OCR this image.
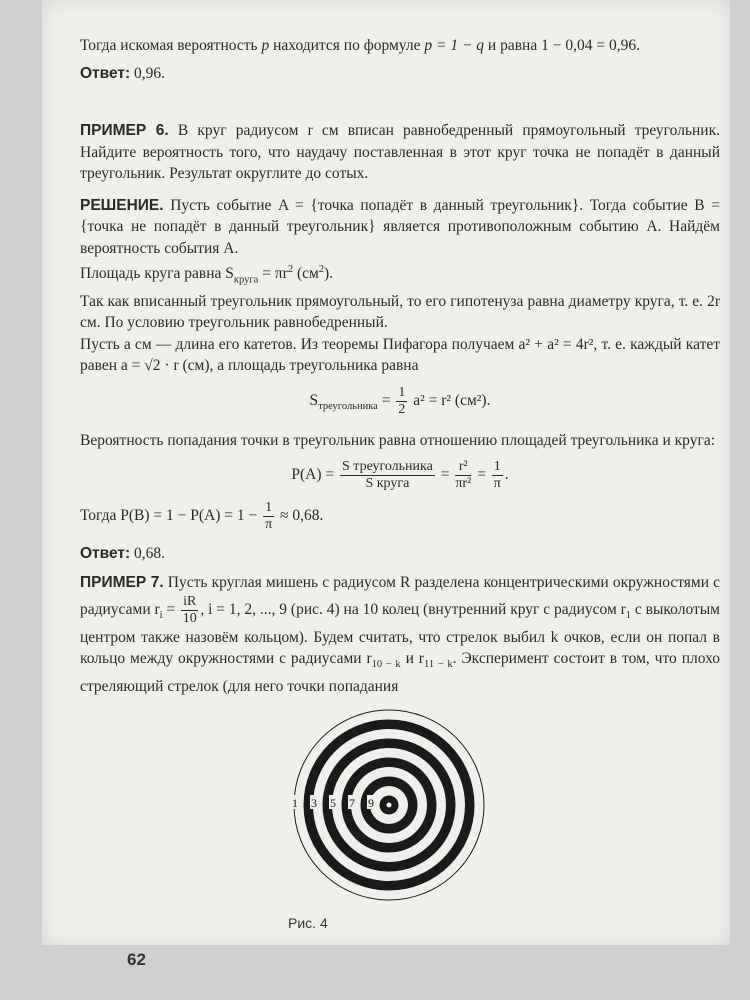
Тогда искомая вероятность p находится по формуле p = 1 − q и равна 1 − 0,04 = 0,96.

Ответ: 0,96.

ПРИМЕР 6. В круг радиусом r см вписан равнобедренный прямоугольный треугольник. Найдите вероятность того, что наудачу поставленная в этот круг точка не попадёт в данный треугольник. Результат округлите до сотых.

РЕШЕНИЕ. Пусть событие A = {точка попадёт в данный треугольник}. Тогда событие B = {точка не попадёт в данный треугольник} является противоположным событию A. Найдём вероятность события A.

Площадь круга равна $S_{круга} = \pi r^2$ $(см^2)$.

Так как вписанный треугольник прямоугольный, то его гипотенуза равна диаметру круга, т. е. 2r см. По условию треугольник равнобедренный.

Пусть a см — длина его катетов. Из теоремы Пифагора получаем a² + a² = 4r², т. е. каждый катет равен a = √2 · r (см), а площадь треугольника равна

$S_{треугольника} = \frac{1}{2} a^2 = r^2$ (см²).

Вероятность попадания точки в треугольник равна отношению площадей треугольника и круга:

$P(A) = \frac{\text{S треугольника}}{\text{S круга}} = \frac{\text{r²}}{\text{πr²}} = \frac{1}{\pi}$ .

Тогда $P(B) = 1 - P(A) = 1 - \frac{1}{\pi} \approx 0,68$.

Ответ: 0,68.

ПРИМЕР 7. Пусть круглая мишень с радиусом R разделена концентрическими окружностями с радиусами $r_i = \frac{iR}{10}$ , i = 1, 2, ..., 9 (рис. 4) на 10 колец (внутренний круг с радиусом $r_1$ с выколотым центром также назовём кольцом). Будем считать, что стрелок выбил k очков, если он попал в кольцо между окружностями с радиусами $r_{10 - k}$ и $r_{11 - k}$. Эксперимент состоит в том, что плохо стреляющий стрелок (для него точки попадания

1 3 5 7 9
Рис. 4
62
